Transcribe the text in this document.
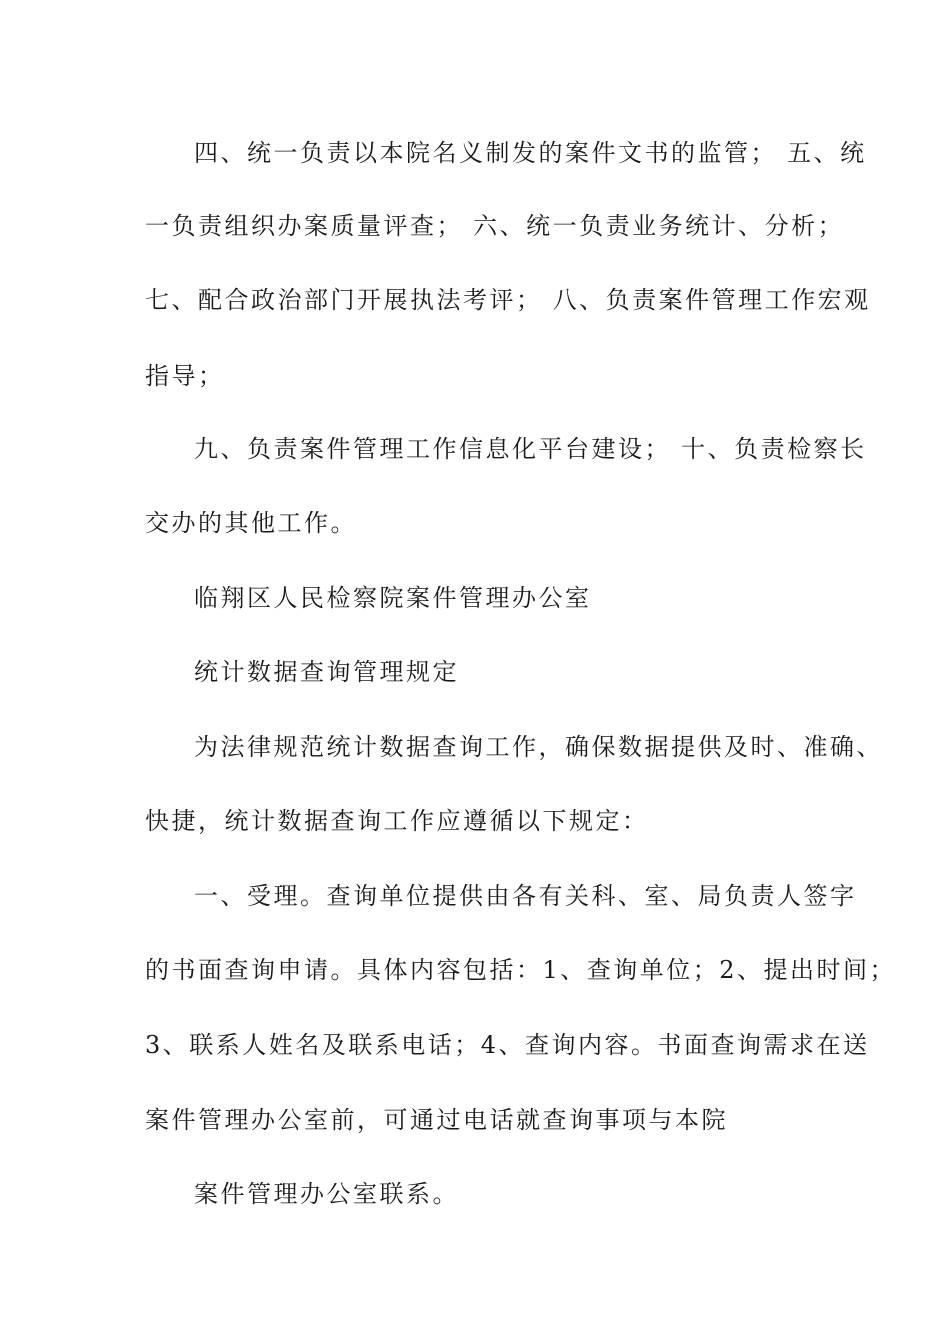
四、统一负责以本院名义制发的案件文书的监管； 五、统
一负责组织办案质量评查； 六、统一负责业务统计、分析；
七、配合政治部门开展执法考评； 八、负责案件管理工作宏观
指导；
九、负责案件管理工作信息化平台建设； 十、负责检察长
交办的其他工作。
临翔区人民检察院案件管理办公室
统计数据查询管理规定
为法律规范统计数据查询工作，确保数据提供及时、准确、
快捷，统计数据查询工作应遵循以下规定：
一、受理。查询单位提供由各有关科、室、局负责人签字
的书面查询申请。具体内容包括：1、查询单位；2、提出时间；
3、联系人姓名及联系电话；4、查询内容。书面查询需求在送
案件管理办公室前，可通过电话就查询事项与本院
案件管理办公室联系。
